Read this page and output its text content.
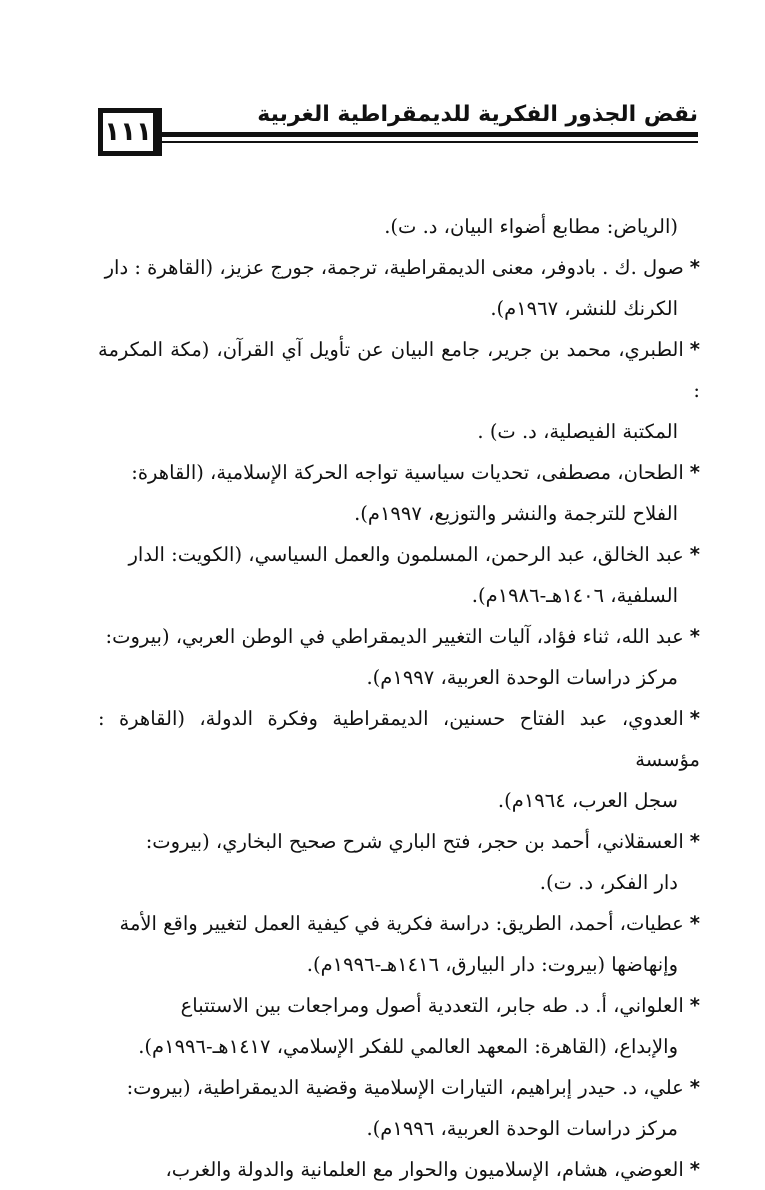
١١١
نقض الجذور الفكرية للديمقراطية الغربية
(الرياض: مطابع أضواء البيان، د. ت).
*صول .ك . بادوفر، معنى الديمقراطية، ترجمة، جورج عزيز، (القاهرة : دار
الكرنك للنشر، ١٩٦٧م).
*الطبري، محمد بن جرير، جامع البيان عن تأويل آي القرآن، (مكة المكرمة :
المكتبة الفيصلية، د. ت) .
*الطحان، مصطفى، تحديات سياسية تواجه الحركة الإسلامية، (القاهرة:
الفلاح للترجمة والنشر والتوزيع، ١٩٩٧م).
*عبد الخالق، عبد الرحمن، المسلمون والعمل السياسي، (الكويت: الدار
السلفية، ١٤٠٦هـ-١٩٨٦م).
*عبد الله، ثناء فؤاد، آليات التغيير الديمقراطي في الوطن العربي، (بيروت:
مركز دراسات الوحدة العربية، ١٩٩٧م).
*العدوي، عبد الفتاح حسنين، الديمقراطية وفكرة الدولة، (القاهرة : مؤسسة
سجل العرب، ١٩٦٤م).
*العسقلاني، أحمد بن حجر، فتح الباري شرح صحيح البخاري، (بيروت:
دار الفكر، د. ت).
*عطيات، أحمد، الطريق: دراسة فكرية في كيفية العمل لتغيير واقع الأمة
وإنهاضها (بيروت: دار البيارق، ١٤١٦هـ-١٩٩٦م).
*العلواني، أ. د. طه جابر، التعددية أصول ومراجعات بين الاستتباع
والإبداع، (القاهرة: المعهد العالمي للفكر الإسلامي، ١٤١٧هـ-١٩٩٦م).
*علي، د. حيدر إبراهيم، التيارات الإسلامية وقضية الديمقراطية، (بيروت:
مركز دراسات الوحدة العربية، ١٩٩٦م).
*العوضي، هشام، الإسلاميون والحوار مع العلمانية والدولة والغرب،
